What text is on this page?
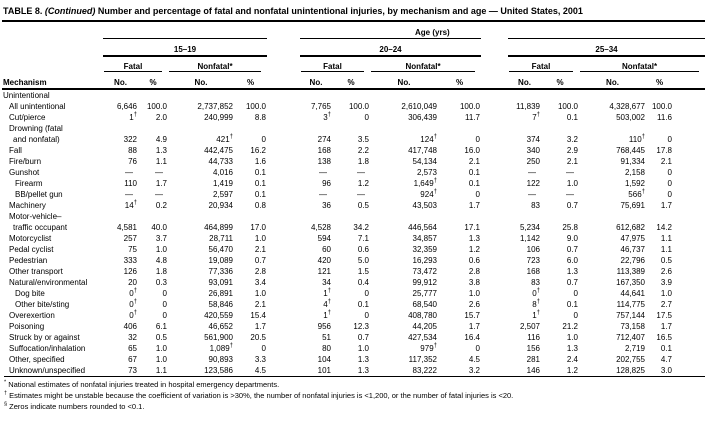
TABLE 8. (Continued) Number and percentage of fatal and nonfatal unintentional injuries, by mechanism and age — United States, 2001
						Age (yrs)									
	15–19					20–24					25–34				

	Fatal		Nonfatal*			Fatal		Nonfatal*			Fatal		Nonfatal*		

Mechanism	No.	%	No.	%		No.	%	No.	%		No.	%	No.	%	

Unintentional															

All unintentional	6,646	100.0	2,737,852	100.0		7,765	100.0	2,610,049	100.0		11,839	100.0	4,328,677	100.0	

Cut/pierce	1†	2.0	240,999	8.8		3†	0	306,439	11.7		7†	0.1	503,002	11.6	

Drowning (fatal
and nonfatal)	322	4.9	421†	0		274	3.5	124†	0		374	3.2	110†	0	

Fall	88	1.3	442,475	16.2		168	2.2	417,748	16.0		340	2.9	768,445	17.8	

Fire/burn	76	1.1	44,733	1.6		138	1.8	54,134	2.1		250	2.1	91,334	2.1	

Gunshot	—	—	4,016	0.1		—	—	2,573	0.1		—	—	2,158	0	

Firearm	110	1.7	1,419	0.1		96	1.2	1,649†	0.1		122	1.0	1,592	0	

BB/pellet gun	—	—	2,597	0.1		—	—	924†	0		—	—	566†	0	

Machinery	14†	0.2	20,934	0.8		36	0.5	43,503	1.7		83	0.7	75,691	1.7	

Motor-vehicle–
traffic occupant	4,581	40.0	464,899	17.0		4,528	34.2	446,564	17.1		5,234	25.8	612,682	14.2	

Motorcyclist	257	3.7	28,711	1.0		594	7.1	34,857	1.3		1,142	9.0	47,975	1.1	

Pedal cyclist	75	1.0	56,470	2.1		60	0.6	32,359	1.2		106	0.7	46,737	1.1	

Pedestrian	333	4.8	19,089	0.7		420	5.0	16,293	0.6		723	6.0	22,796	0.5	

Other transport	126	1.8	77,336	2.8		121	1.5	73,472	2.8		168	1.3	113,389	2.6	

Natural/environmental	20	0.3	93,091	3.4		34	0.4	99,912	3.8		83	0.7	167,350	3.9	

Dog bite	0†	0	26,891	1.0		1†	0	25,777	1.0		0†	0	44,641	1.0	

Other bite/sting	0†	0	58,846	2.1		4†	0.1	68,540	2.6		8†	0.1	114,775	2.7	

Overexertion	0†	0	420,559	15.4		1†	0	408,780	15.7		1†	0	757,144	17.5	

Poisoning	406	6.1	46,652	1.7		956	12.3	44,205	1.7		2,507	21.2	73,158	1.7	

Struck by or against	32	0.5	561,900	20.5		51	0.7	427,534	16.4		116	1.0	712,407	16.5	

Suffocation/inhalation	65	1.0	1,089†	0		80	1.0	979†	0		156	1.3	2,719	0.1	

Other, specified	67	1.0	90,893	3.3		104	1.3	117,352	4.5		281	2.4	202,755	4.7	

Unknown/unspecified	73	1.1	123,586	4.5		101	1.3	83,222	3.2		146	1.2	128,825	3.0	
* National estimates of nonfatal injuries treated in hospital emergency departments.
† Estimates might be unstable because the coefficient of variation is >30%, the number of nonfatal injuries is <1,200, or the number of fatal injuries is <20.
§ Zeros indicate numbers rounded to <0.1.
